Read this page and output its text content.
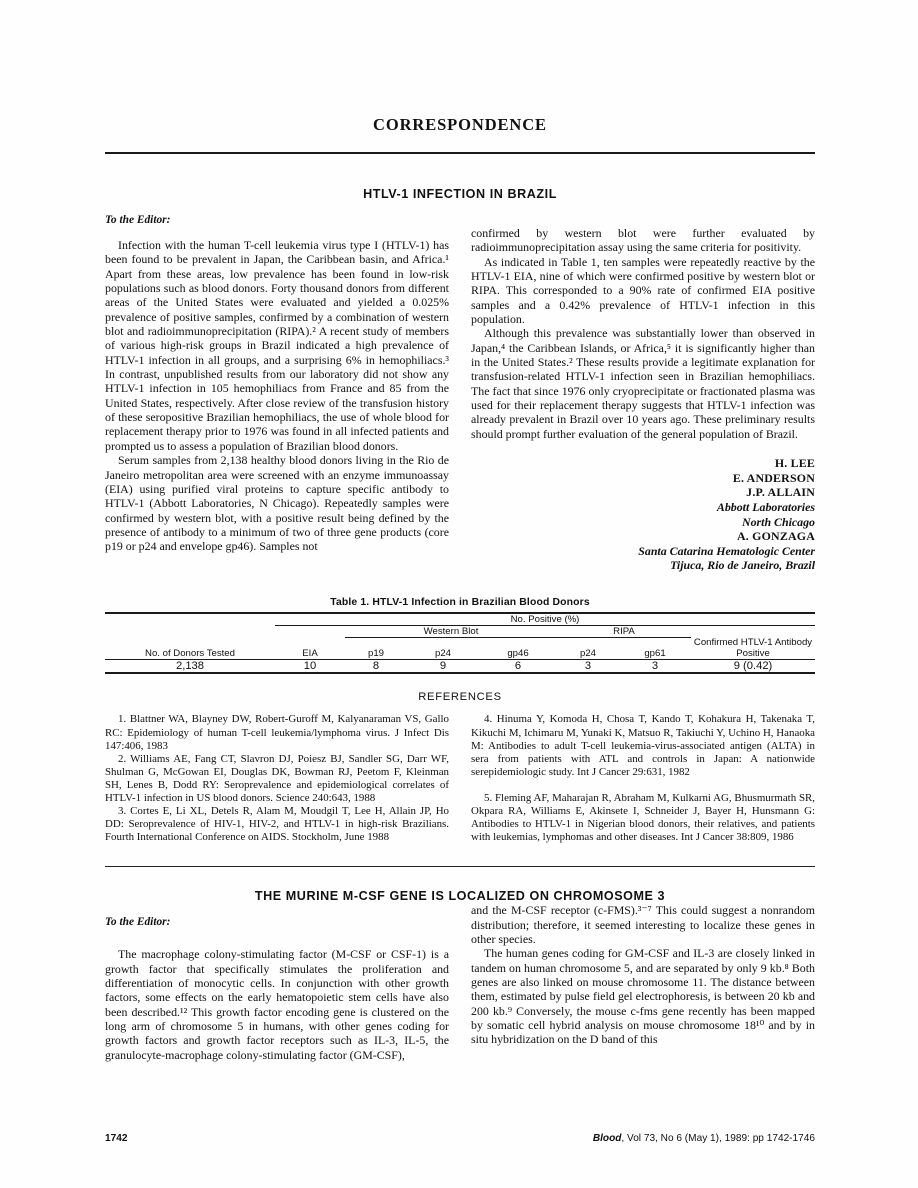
CORRESPONDENCE
HTLV-1 INFECTION IN BRAZIL
To the Editor:

Infection with the human T-cell leukemia virus type I (HTLV-1) has been found to be prevalent in Japan, the Caribbean basin, and Africa.¹ Apart from these areas, low prevalence has been found in low-risk populations such as blood donors. Forty thousand donors from different areas of the United States were evaluated and yielded a 0.025% prevalence of positive samples, confirmed by a combination of western blot and radioimmunoprecipitation (RIPA).² A recent study of members of various high-risk groups in Brazil indicated a high prevalence of HTLV-1 infection in all groups, and a surprising 6% in hemophiliacs.³ In contrast, unpublished results from our laboratory did not show any HTLV-1 infection in 105 hemophiliacs from France and 85 from the United States, respectively. After close review of the transfusion history of these seropositive Brazilian hemophiliacs, the use of whole blood for replacement therapy prior to 1976 was found in all infected patients and prompted us to assess a population of Brazilian blood donors.

Serum samples from 2,138 healthy blood donors living in the Rio de Janeiro metropolitan area were screened with an enzyme immunoassay (EIA) using purified viral proteins to capture specific antibody to HTLV-1 (Abbott Laboratories, N Chicago). Repeatedly samples were confirmed by western blot, with a positive result being defined by the presence of antibody to a minimum of two of three gene products (core p19 or p24 and envelope gp46). Samples not

confirmed by western blot were further evaluated by radioimmunoprecipitation assay using the same criteria for positivity.

As indicated in Table 1, ten samples were repeatedly reactive by the HTLV-1 EIA, nine of which were confirmed positive by western blot or RIPA. This corresponded to a 90% rate of confirmed EIA positive samples and a 0.42% prevalence of HTLV-1 infection in this population.

Although this prevalence was substantially lower than observed in Japan,⁴ the Caribbean Islands, or Africa,⁵ it is significantly higher than in the United States.² These results provide a legitimate explanation for transfusion-related HTLV-1 infection seen in Brazilian hemophiliacs. The fact that since 1976 only cryoprecipitate or fractionated plasma was used for their replacement therapy suggests that HTLV-1 infection was already prevalent in Brazil over 10 years ago. These preliminary results should prompt further evaluation of the general population of Brazil.

H. LEE
E. ANDERSON
J.P. ALLAIN
Abbott Laboratories
North Chicago
A. GONZAGA
Santa Catarina Hematologic Center
Tijuca, Rio de Janeiro, Brazil
Table 1. HTLV-1 Infection in Brazilian Blood Donors
	No. Positive (%)						
		Western Blot			RIPA		
No. of Donors Tested	EIA	p19	p24	gp46	p24	gp61	Confirmed HTLV-1 Antibody Positive
2,138	10	8	9	6	3	3	9 (0.42)
REFERENCES

1. Blattner WA, Blayney DW, Robert-Guroff M, Kalyanaraman VS, Gallo RC: Epidemiology of human T-cell leukemia/lymphoma virus. J Infect Dis 147:406, 1983

2. Williams AE, Fang CT, Slavron DJ, Poiesz BJ, Sandler SG, Darr WF, Shulman G, McGowan EI, Douglas DK, Bowman RJ, Peetom F, Kleinman SH, Lenes B, Dodd RY: Seroprevalence and epidemiological correlates of HTLV-1 infection in US blood donors. Science 240:643, 1988

3. Cortes E, Li XL, Detels R, Alam M, Moudgil T, Lee H, Allain JP, Ho DD: Seroprevalence of HIV-1, HIV-2, and HTLV-1 in high-risk Brazilians. Fourth International Conference on AIDS. Stockholm, June 1988

4. Hinuma Y, Komoda H, Chosa T, Kando T, Kohakura H, Takenaka T, Kikuchi M, Ichimaru M, Yunaki K, Matsuo R, Takiuchi Y, Uchino H, Hanaoka M: Antibodies to adult T-cell leukemia-virus-associated antigen (ALTA) in sera from patients with ATL and controls in Japan: A nationwide serepidemiologic study. Int J Cancer 29:631, 1982

5. Fleming AF, Maharajan R, Abraham M, Kulkarni AG, Bhusmurmath SR, Okpara RA, Williams E, Akinsete I, Schneider J, Bayer H, Hunsmann G: Antibodies to HTLV-1 in Nigerian blood donors, their relatives, and patients with leukemias, lymphomas and other diseases. Int J Cancer 38:809, 1986

THE MURINE M-CSF GENE IS LOCALIZED ON CHROMOSOME 3
To the Editor:

The macrophage colony-stimulating factor (M-CSF or CSF-1) is a growth factor that specifically stimulates the proliferation and differentiation of monocytic cells. In conjunction with other growth factors, some effects on the early hematopoietic stem cells have also been described.¹² This growth factor encoding gene is clustered on the long arm of chromosome 5 in humans, with other genes coding for growth factors and growth factor receptors such as IL-3, IL-5, the granulocyte-macrophage colony-stimulating factor (GM-CSF),

and the M-CSF receptor (c-FMS).³⁻⁷ This could suggest a nonrandom distribution; therefore, it seemed interesting to localize these genes in other species.

The human genes coding for GM-CSF and IL-3 are closely linked in tandem on human chromosome 5, and are separated by only 9 kb.⁸ Both genes are also linked on mouse chromosome 11. The distance between them, estimated by pulse field gel electrophoresis, is between 20 kb and 200 kb.⁹ Conversely, the mouse c-fms gene recently has been mapped by somatic cell hybrid analysis on mouse chromosome 18¹⁰ and by in situ hybridization on the D band of this

1742	Blood, Vol 73, No 6 (May 1), 1989: pp 1742-1746
